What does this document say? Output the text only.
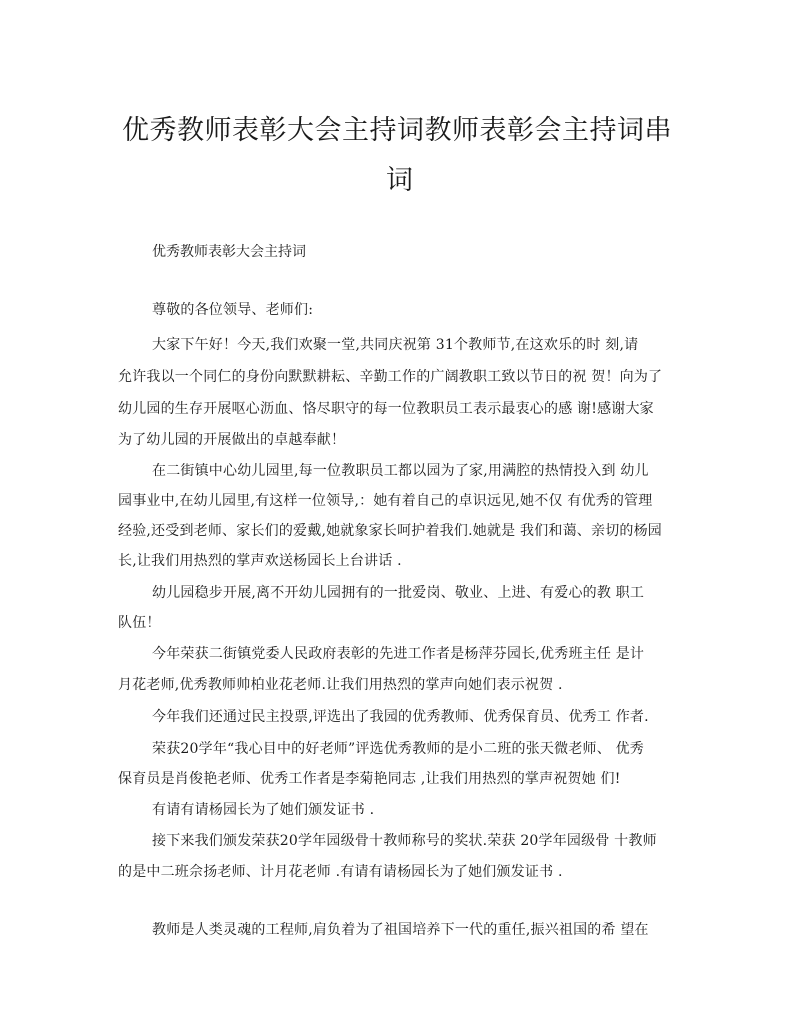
优秀教师表彰大会主持词教师表彰会主持词串
词
优秀教师表彰大会主持词
尊敬的各位领导、老师们:
大家下午好！今天,我们欢聚一堂,共同庆祝第 31个教师节,在这欢乐的时 刻,请
允许我以一个同仁的身份向默默耕耘、辛勤工作的广阔教职工致以节日的祝 贺！向为了
幼儿园的生存开展呕心沥血、恪尽职守的每一位教职员工表示最衷心的感 谢!感谢大家
为了幼儿园的开展做出的卓越奉献！
在二街镇中心幼儿园里,每一位教职员工都以园为了家,用满腔的热情投入到 幼儿
园事业中,在幼儿园里,有这样一位领导,：她有着自己的卓识远见,她不仅 有优秀的管理
经验,还受到老师、家长们的爱戴,她就象家长呵护着我们.她就是 我们和蔼、亲切的杨园
长,让我们用热烈的掌声欢送杨园长上台讲话 .
幼儿园稳步开展,离不开幼儿园拥有的一批爱岗、敬业、上进、有爱心的教 职工
队伍！
今年荣获二街镇党委人民政府表彰的先进工作者是杨萍芬园长,优秀班主任 是计
月花老师,优秀教师帅柏业花老师.让我们用热烈的掌声向她们表示祝贺 .
今年我们还通过民主投票,评选出了我园的优秀教师、优秀保育员、优秀工 作者.
荣获20学年“我心目中的好老师”评选优秀教师的是小二班的张天微老师、 优秀
保育员是肖俊艳老师、优秀工作者是李菊艳同志 ,让我们用热烈的掌声祝贺她 们!
有请有请杨园长为了她们颁发证书 .
接下来我们颁发荣获20学年园级骨十教师称号的奖状.荣获 20学年园级骨 十教师
的是中二班佘扬老师、计月花老师 .有请有请杨园长为了她们颁发证书 .
教师是人类灵魂的工程师,肩负着为了祖国培养下一代的重任,振兴祖国的希 望在
